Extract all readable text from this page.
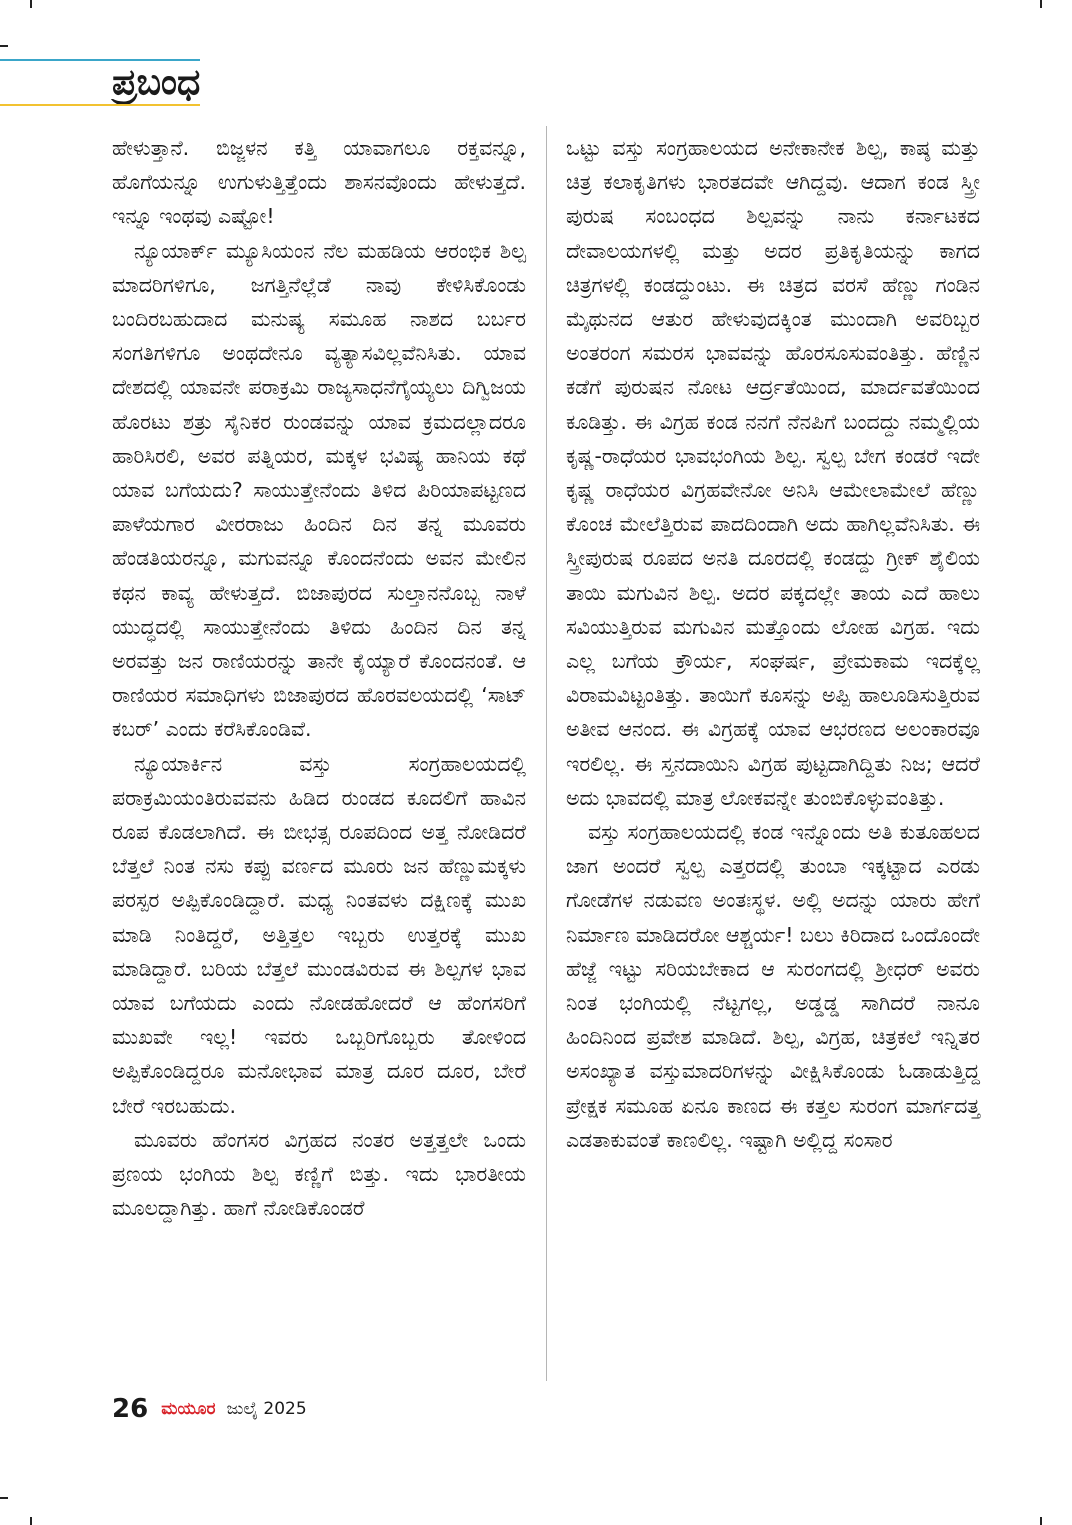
ಪ್ರಬಂಧ

ಹೇಳುತ್ತಾನೆ. ಬಿಜ್ಜಳನ ಕತ್ತಿ ಯಾವಾಗಲೂ ರಕ್ತವನ್ನೂ, ಹೊಗೆಯನ್ನೂ ಉಗುಳುತ್ತಿತ್ತೆಂದು ಶಾಸನವೊಂದು ಹೇಳುತ್ತದೆ. ಇನ್ನೂ ಇಂಥವು ಎಷ್ಟೋ!

ನ್ಯೂಯಾರ್ಕ್ ಮ್ಯೂಸಿಯಂನ ನೆಲ ಮಹಡಿಯ ಆರಂಭಿಕ ಶಿಲ್ಪ ಮಾದರಿಗಳಿಗೂ, ಜಗತ್ತಿನೆಲ್ಲೆಡೆ ನಾವು ಕೇಳಿಸಿಕೊಂಡು ಬಂದಿರಬಹುದಾದ ಮನುಷ್ಯ ಸಮೂಹ ನಾಶದ ಬರ್ಬರ ಸಂಗತಿಗಳಿಗೂ ಅಂಥದೇನೂ ವ್ಯತ್ಯಾಸವಿಲ್ಲವೆನಿಸಿತು. ಯಾವ ದೇಶದಲ್ಲಿ ಯಾವನೇ ಪರಾಕ್ರಮಿ ರಾಜ್ಯಸಾಧನೆಗೈಯ್ಯಲು ದಿಗ್ವಿಜಯ ಹೊರಟು ಶತ್ರು ಸೈನಿಕರ ರುಂಡವನ್ನು ಯಾವ ಕ್ರಮದಲ್ಲಾದರೂ ಹಾರಿಸಿರಲಿ, ಅವರ ಪತ್ನಿಯರ, ಮಕ್ಕಳ ಭವಿಷ್ಯ ಹಾನಿಯ ಕಥೆ ಯಾವ ಬಗೆಯದು? ಸಾಯುತ್ತೇನೆಂದು ತಿಳಿದ ಪಿರಿಯಾಪಟ್ಟಣದ ಪಾಳೆಯಗಾರ ವೀರರಾಜು ಹಿಂದಿನ ದಿನ ತನ್ನ ಮೂವರು ಹೆಂಡತಿಯರನ್ನೂ, ಮಗುವನ್ನೂ ಕೊಂದನೆಂದು ಅವನ ಮೇಲಿನ ಕಥನ ಕಾವ್ಯ ಹೇಳುತ್ತದೆ. ಬಿಜಾಪುರದ ಸುಲ್ತಾನನೊಬ್ಬ ನಾಳೆ ಯುದ್ಧದಲ್ಲಿ ಸಾಯುತ್ತೇನೆಂದು ತಿಳಿದು ಹಿಂದಿನ ದಿನ ತನ್ನ ಅರವತ್ತು ಜನ ರಾಣಿಯರನ್ನು ತಾನೇ ಕೈಯ್ಯಾರೆ ಕೊಂದನಂತೆ. ಆ ರಾಣಿಯರ ಸಮಾಧಿಗಳು ಬಿಜಾಪುರದ ಹೊರವಲಯದಲ್ಲಿ ‘ಸಾಟ್ ಕಬರ್’ ಎಂದು ಕರೆಸಿಕೊಂಡಿವೆ.

ನ್ಯೂಯಾರ್ಕಿನ ವಸ್ತು ಸಂಗ್ರಹಾಲಯದಲ್ಲಿ ಪರಾಕ್ರಮಿಯಂತಿರುವವನು ಹಿಡಿದ ರುಂಡದ ಕೂದಲಿಗೆ ಹಾವಿನ ರೂಪ ಕೊಡಲಾಗಿದೆ. ಈ ಬೀಭತ್ಸ ರೂಪದಿಂದ ಅತ್ತ ನೋಡಿದರೆ ಬೆತ್ತಲೆ ನಿಂತ ನಸು ಕಪ್ಪು ವರ್ಣದ ಮೂರು ಜನ ಹೆಣ್ಣುಮಕ್ಕಳು ಪರಸ್ಪರ ಅಪ್ಪಿಕೊಂಡಿದ್ದಾರೆ. ಮಧ್ಯ ನಿಂತವಳು ದಕ್ಷಿಣಕ್ಕೆ ಮುಖ ಮಾಡಿ ನಿಂತಿದ್ದರೆ, ಅತ್ತಿತ್ತಲ ಇಬ್ಬರು ಉತ್ತರಕ್ಕೆ ಮುಖ ಮಾಡಿದ್ದಾರೆ. ಬರಿಯ ಬೆತ್ತಲೆ ಮುಂಡವಿರುವ ಈ ಶಿಲ್ಪಗಳ ಭಾವ ಯಾವ ಬಗೆಯದು ಎಂದು ನೋಡಹೋದರೆ ಆ ಹೆಂಗಸರಿಗೆ ಮುಖವೇ ಇಲ್ಲ! ಇವರು ಒಬ್ಬರಿಗೊಬ್ಬರು ತೋಳಿಂದ ಅಪ್ಪಿಕೊಂಡಿದ್ದರೂ ಮನೋಭಾವ ಮಾತ್ರ ದೂರ ದೂರ, ಬೇರೆ ಬೇರೆ ಇರಬಹುದು.

ಮೂವರು ಹೆಂಗಸರ ವಿಗ್ರಹದ ನಂತರ ಅತ್ತತ್ತಲೇ ಒಂದು ಪ್ರಣಯ ಭಂಗಿಯ ಶಿಲ್ಪ ಕಣ್ಣಿಗೆ ಬಿತ್ತು. ಇದು ಭಾರತೀಯ ಮೂಲದ್ದಾಗಿತ್ತು. ಹಾಗೆ ನೋಡಿಕೊಂಡರೆ

ಒಟ್ಟು ವಸ್ತು ಸಂಗ್ರಹಾಲಯದ ಅನೇಕಾನೇಕ ಶಿಲ್ಪ, ಕಾಷ್ಠ ಮತ್ತು ಚಿತ್ರ ಕಲಾಕೃತಿಗಳು ಭಾರತದವೇ ಆಗಿದ್ದವು. ಆದಾಗ ಕಂಡ ಸ್ತ್ರೀ ಪುರುಷ ಸಂಬಂಧದ ಶಿಲ್ಪವನ್ನು ನಾನು ಕರ್ನಾಟಕದ ದೇವಾಲಯಗಳಲ್ಲಿ ಮತ್ತು ಅದರ ಪ್ರತಿಕೃತಿಯನ್ನು ಕಾಗದ ಚಿತ್ರಗಳಲ್ಲಿ ಕಂಡದ್ದುಂಟು. ಈ ಚಿತ್ರದ ವರಸೆ ಹೆಣ್ಣು ಗಂಡಿನ ಮೈಥುನದ ಆತುರ ಹೇಳುವುದಕ್ಕಿಂತ ಮುಂದಾಗಿ ಅವರಿಬ್ಬರ ಅಂತರಂಗ ಸಮರಸ ಭಾವವನ್ನು ಹೊರಸೂಸುವಂತಿತ್ತು. ಹೆಣ್ಣಿನ ಕಡೆಗೆ ಪುರುಷನ ನೋಟ ಆರ್ದ್ರತೆಯಿಂದ, ಮಾರ್ದವತೆಯಿಂದ ಕೂಡಿತ್ತು. ಈ ವಿಗ್ರಹ ಕಂಡ ನನಗೆ ನೆನಪಿಗೆ ಬಂದದ್ದು ನಮ್ಮಲ್ಲಿಯ ಕೃಷ್ಣ-ರಾಧೆಯರ ಭಾವಭಂಗಿಯ ಶಿಲ್ಪ. ಸ್ವಲ್ಪ ಬೇಗ ಕಂಡರೆ ಇದೇ ಕೃಷ್ಣ ರಾಧೆಯರ ವಿಗ್ರಹವೇನೋ ಅನಿಸಿ ಆಮೇಲಾಮೇಲೆ ಹೆಣ್ಣು ಕೊಂಚ ಮೇಲೆತ್ತಿರುವ ಪಾದದಿಂದಾಗಿ ಅದು ಹಾಗಿಲ್ಲವೆನಿಸಿತು. ಈ ಸ್ತ್ರೀಪುರುಷ ರೂಪದ ಅನತಿ ದೂರದಲ್ಲಿ ಕಂಡದ್ದು ಗ್ರೀಕ್ ಶೈಲಿಯ ತಾಯಿ ಮಗುವಿನ ಶಿಲ್ಪ. ಅದರ ಪಕ್ಕದಲ್ಲೇ ತಾಯ ಎದೆ ಹಾಲು ಸವಿಯುತ್ತಿರುವ ಮಗುವಿನ ಮತ್ತೊಂದು ಲೋಹ ವಿಗ್ರಹ. ಇದು ಎಲ್ಲ ಬಗೆಯ ಕ್ರೌರ್ಯ, ಸಂಘರ್ಷ, ಪ್ರೇಮಕಾಮ ಇದಕ್ಕೆಲ್ಲ ವಿರಾಮವಿಟ್ಟಂತಿತ್ತು. ತಾಯಿಗೆ ಕೂಸನ್ನು ಅಪ್ಪಿ ಹಾಲೂಡಿಸುತ್ತಿರುವ ಅತೀವ ಆನಂದ. ಈ ವಿಗ್ರಹಕ್ಕೆ ಯಾವ ಆಭರಣದ ಅಲಂಕಾರವೂ ಇರಲಿಲ್ಲ. ಈ ಸ್ತನದಾಯಿನಿ ವಿಗ್ರಹ ಪುಟ್ಟದಾಗಿದ್ದಿತು ನಿಜ; ಆದರೆ ಅದು ಭಾವದಲ್ಲಿ ಮಾತ್ರ ಲೋಕವನ್ನೇ ತುಂಬಿಕೊಳ್ಳುವಂತಿತ್ತು.

ವಸ್ತು ಸಂಗ್ರಹಾಲಯದಲ್ಲಿ ಕಂಡ ಇನ್ನೊಂದು ಅತಿ ಕುತೂಹಲದ ಜಾಗ ಅಂದರೆ ಸ್ವಲ್ಪ ಎತ್ತರದಲ್ಲಿ ತುಂಬಾ ಇಕ್ಕಟ್ಟಾದ ಎರಡು ಗೋಡೆಗಳ ನಡುವಣ ಅಂತಃಸ್ಥಳ. ಅಲ್ಲಿ ಅದನ್ನು ಯಾರು ಹೇಗೆ ನಿರ್ಮಾಣ ಮಾಡಿದರೋ ಆಶ್ಚರ್ಯ! ಬಲು ಕಿರಿದಾದ ಒಂದೊಂದೇ ಹೆಜ್ಜೆ ಇಟ್ಟು ಸರಿಯಬೇಕಾದ ಆ ಸುರಂಗದಲ್ಲಿ ಶ್ರೀಧರ್ ಅವರು ನಿಂತ ಭಂಗಿಯಲ್ಲಿ ನೆಟ್ಟಗಲ್ಲ, ಅಡ್ಡಡ್ಡ ಸಾಗಿದರೆ ನಾನೂ ಹಿಂದಿನಿಂದ ಪ್ರವೇಶ ಮಾಡಿದೆ. ಶಿಲ್ಪ, ವಿಗ್ರಹ, ಚಿತ್ರಕಲೆ ಇನ್ನಿತರ ಅಸಂಖ್ಯಾತ ವಸ್ತುಮಾದರಿಗಳನ್ನು ವೀಕ್ಷಿಸಿಕೊಂಡು ಓಡಾಡುತ್ತಿದ್ದ ಪ್ರೇಕ್ಷಕ ಸಮೂಹ ಏನೂ ಕಾಣದ ಈ ಕತ್ತಲ ಸುರಂಗ ಮಾರ್ಗದತ್ತ ಎಡತಾಕುವಂತೆ ಕಾಣಲಿಲ್ಲ. ಇಷ್ಟಾಗಿ ಅಲ್ಲಿದ್ದ ಸಂಸಾರ

26 ಮಯೂರ ಜುಲೈ 2025
